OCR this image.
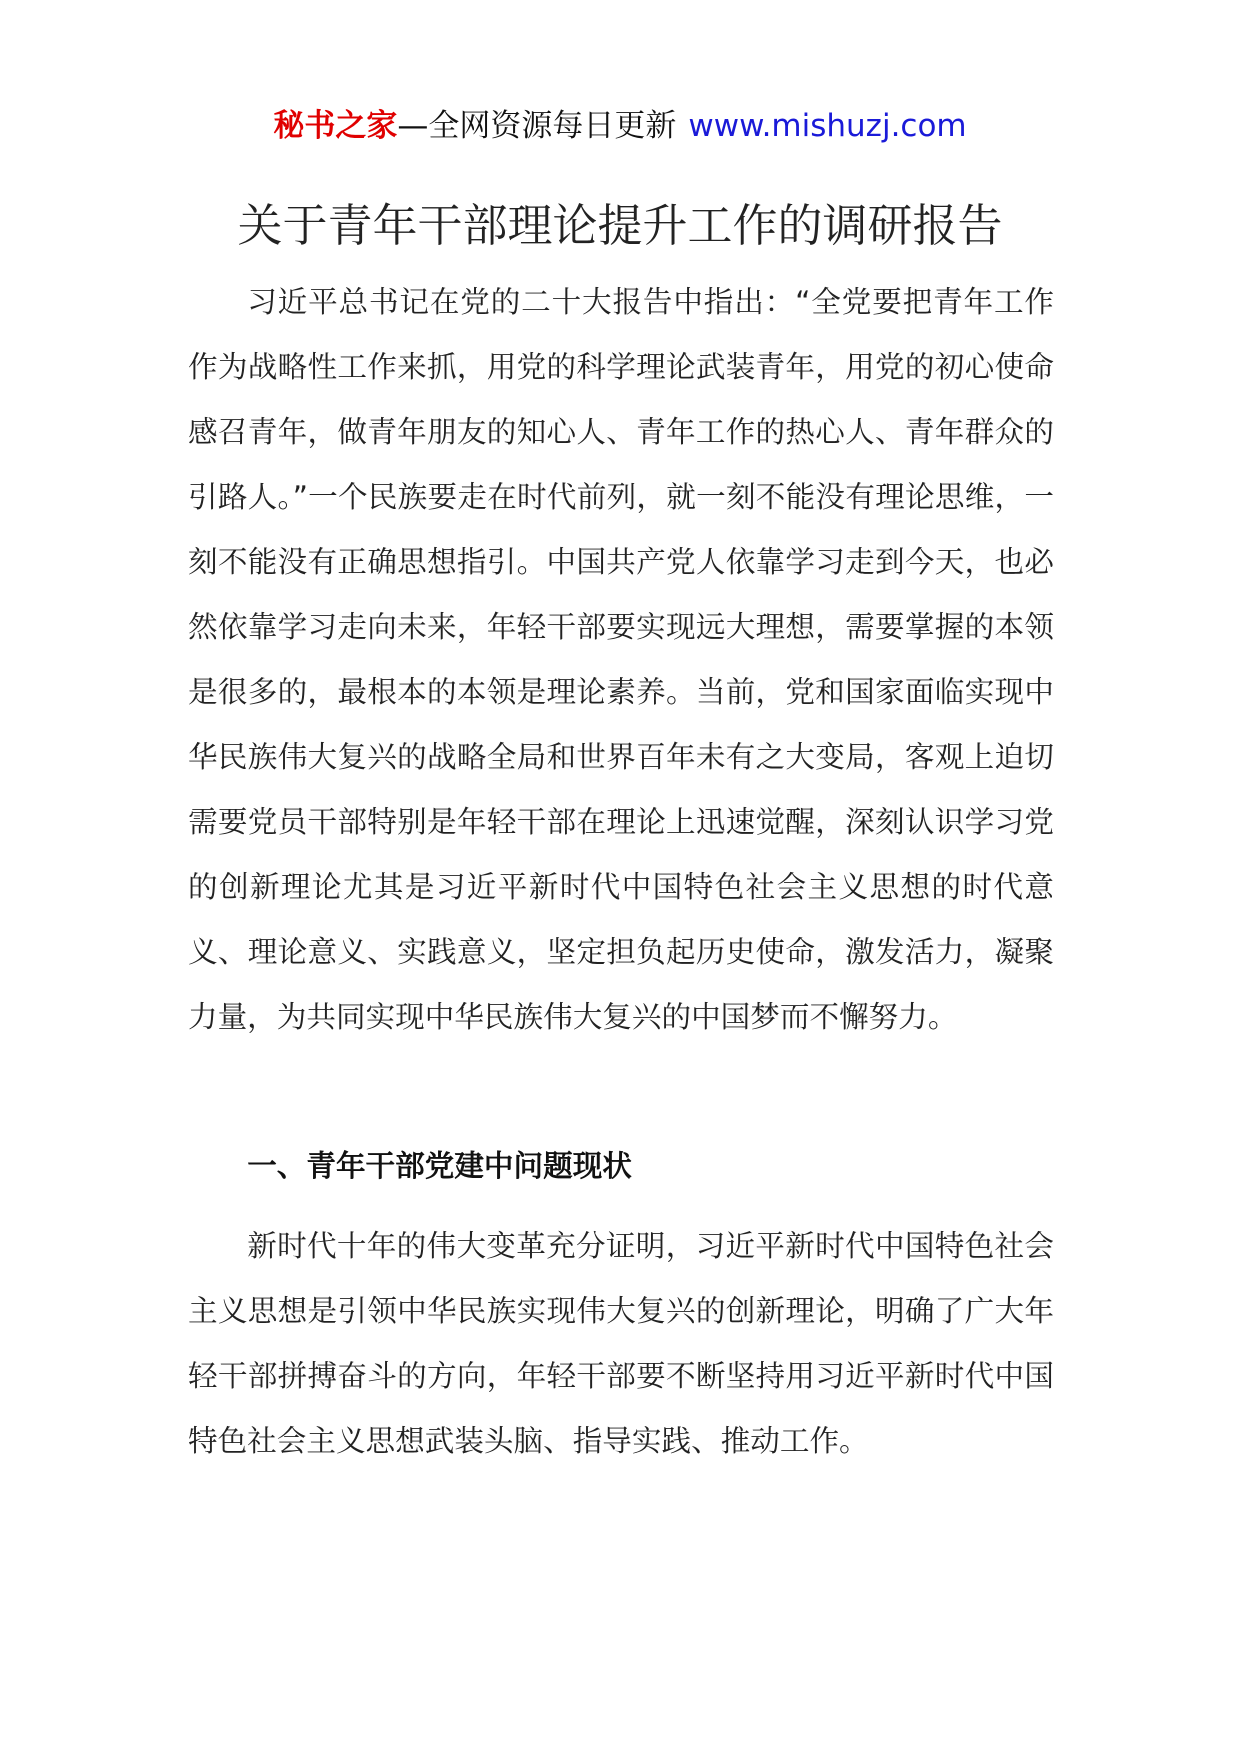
秘书之家—全网资源每日更新 www.mishuzj.com
关于青年干部理论提升工作的调研报告

习近平总书记在党的二十大报告中指出：“全党要把青年工作作为战略性工作来抓，用党的科学理论武装青年，用党的初心使命感召青年，做青年朋友的知心人、青年工作的热心人、青年群众的引路人。”一个民族要走在时代前列，就一刻不能没有理论思维，一刻不能没有正确思想指引。中国共产党人依靠学习走到今天，也必然依靠学习走向未来，年轻干部要实现远大理想，需要掌握的本领是很多的，最根本的本领是理论素养。当前，党和国家面临实现中华民族伟大复兴的战略全局和世界百年未有之大变局，客观上迫切需要党员干部特别是年轻干部在理论上迅速觉醒，深刻认识学习党的创新理论尤其是习近平新时代中国特色社会主义思想的时代意义、理论意义、实践意义，坚定担负起历史使命，激发活力，凝聚力量，为共同实现中华民族伟大复兴的中国梦而不懈努力。

一、青年干部党建中问题现状

新时代十年的伟大变革充分证明，习近平新时代中国特色社会主义思想是引领中华民族实现伟大复兴的创新理论，明确了广大年轻干部拼搏奋斗的方向，年轻干部要不断坚持用习近平新时代中国特色社会主义思想武装头脑、指导实践、推动工作。
